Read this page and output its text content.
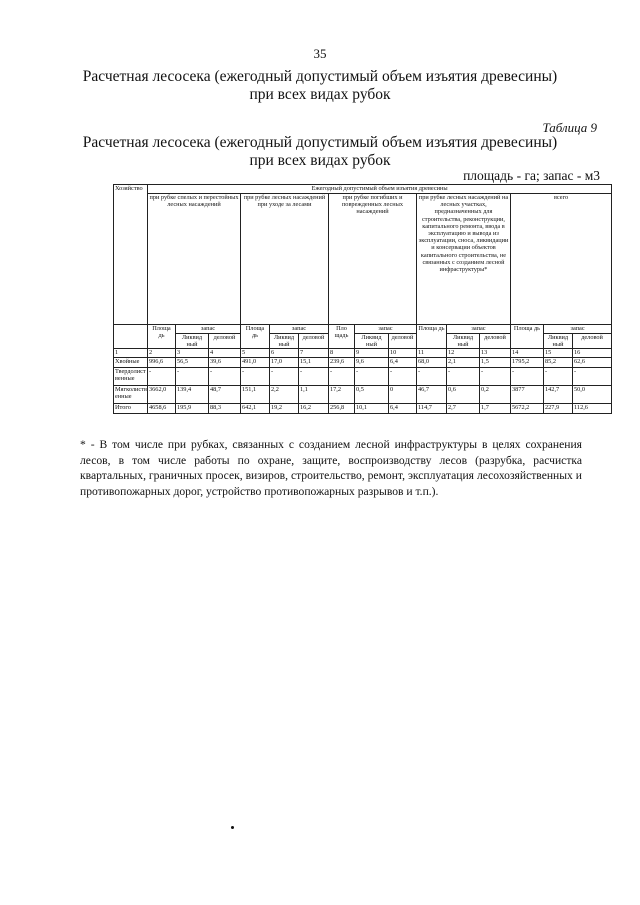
35
Расчетная лесосека (ежегодный допустимый объем изъятия древесины) при всех видах рубок
Таблица 9
Расчетная лесосека (ежегодный допустимый объем изъятия древесины) при всех видах рубок
площадь - га; запас - м3
Хозяйство	Ежегодный допустимый объем изъятия древесины														
	при рубке спелых и перестойных лесных насаждений			при рубке лесных насаждений при уходе за лесами			при рубке погибших и поврежденных лесных насаждений			при рубке лесных насаждений на лесных участках, предназначенных для строительства, реконструкции, капитального ремонта, ввода в эксплуатацию и вывода из эксплуатации, сноса, ликвидации и консервации объектов капитального строительства, не связанных с созданием лесной инфраструктуры*			всего		
	Площа дь	запас		Площа дь	запас		Пло щадь	запас		Площа дь	запас		Площа дь	запас	
		Ликвид ный	деловой		Ликвид ный	деловой		Ликвид ный	деловой		Ликвид ный	деловой		Ликвид ный	деловой
1	2	3	4	5	6	7	8	9	10	11	12	13	14	15	16
Хвойные	996,6	56,5	39,6	491,0	17,0	15,1	239,6	9,6	6,4	68,0	2,1	1,5	1795,2	85,2	62,6
Твердолист венные	-	-	-	-	-	-	-	-	-	-	-	-	-	-	-
Мягколиств енные	3662,0	139,4	48,7	151,1	2,2	1,1	17,2	0,5	0	46,7	0,6	0,2	3877	142,7	50,0
Итого	4658,6	195,9	88,3	642,1	19,2	16,2	256,8	10,1	6,4	114,7	2,7	1,7	5672,2	227,9	112,6
* - В том числе при рубках, связанных с созданием лесной инфраструктуры в целях сохранения лесов, в том числе работы по охране, защите, воспроизводству лесов (разрубка, расчистка квартальных, граничных просек, визиров, строительство, ремонт, эксплуатация лесохозяйственных и противопожарных дорог, устройство противопожарных разрывов и т.п.).
